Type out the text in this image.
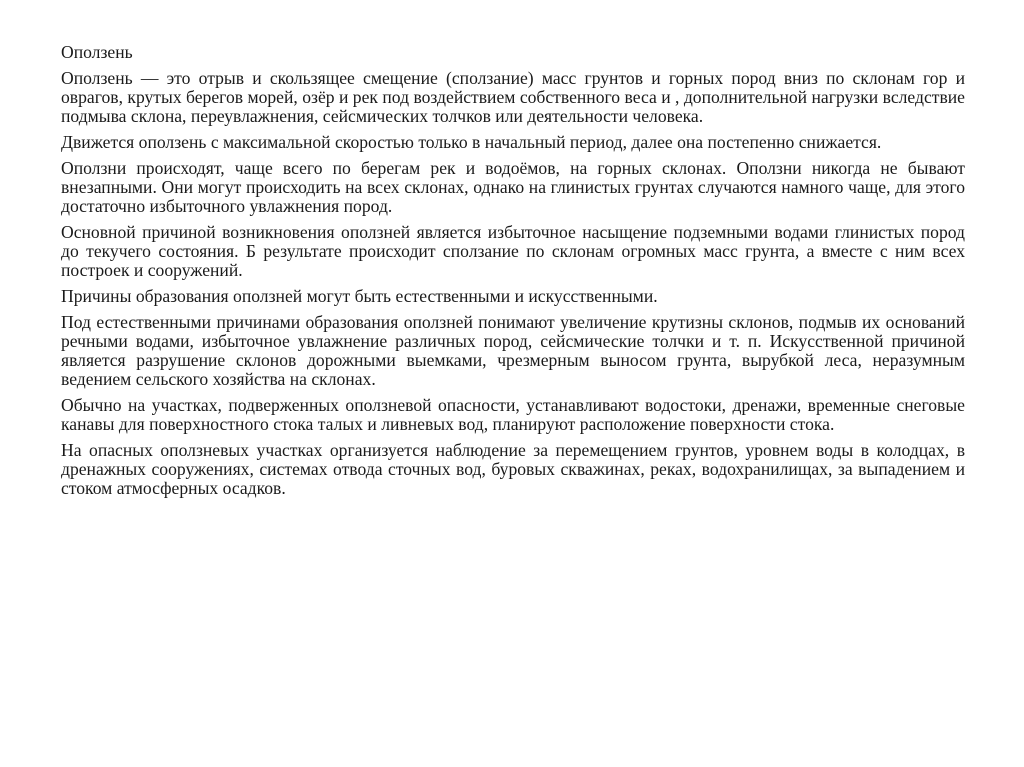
Оползень
Оползень — это отрыв и скользящее смещение (сползание) масс грунтов и горных пород вниз по склонам гор и оврагов, крутых берегов морей, озёр и рек под воздействием собственного веса и , дополнительной нагрузки вследствие подмыва склона, переувлажнения, сейсмических толчков или деятельности человека.
Движется оползень с максимальной скоростью только в начальный период, далее она постепенно снижается.
Оползни происходят, чаще всего по берегам рек и водоёмов, на горных склонах. Оползни никогда не бывают внезапными. Они могут происходить на всех склонах, однако на глинистых грунтах случаются намного чаще, для этого достаточно избыточного увлажнения пород.
Основной причиной возникновения оползней является избыточное насыщение подземными водами глинистых пород до текучего состояния. Б результате происходит сползание по склонам огромных масс грунта, а вместе с ним всех построек и сооружений.
Причины образования оползней могут быть естественными и искусственными.
Под естественными причинами образования оползней понимают увеличение крутизны склонов, подмыв их оснований речными водами, избыточное увлажнение различных пород, сейсмические толчки и т. п. Искусственной причиной является разрушение склонов дорожными выемками, чрезмерным выносом грунта, вырубкой леса, неразумным ведением сельского хозяйства на склонах.
Обычно на участках, подверженных оползневой опасности, устанавливают водостоки, дренажи, временные снеговые канавы для поверхностного стока талых и ливневых вод, планируют расположение поверхности стока.
На опасных оползневых участках организуется наблюдение за перемещением грунтов, уровнем воды в колодцах, в дренажных сооружениях, системах отвода сточных вод, буровых скважинах, реках, водохранилищах, за выпадением и стоком атмосферных осадков.
